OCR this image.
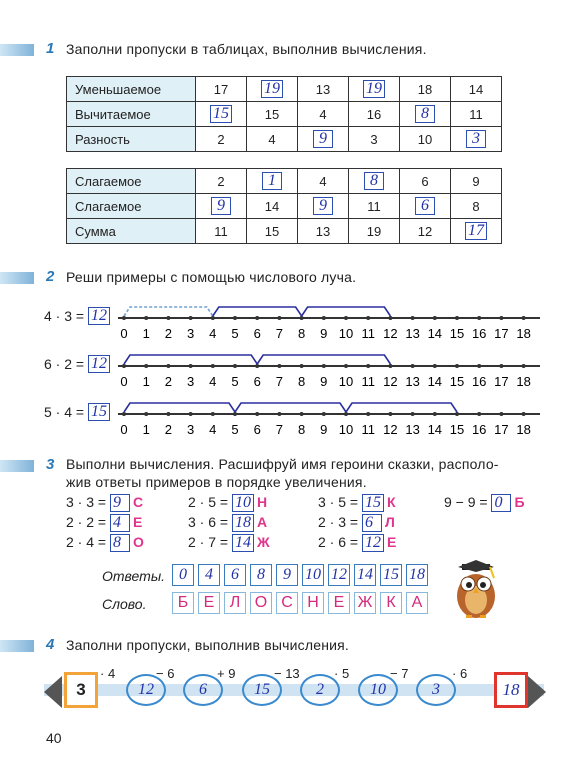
1 Заполни пропуски в таблицах, выполнив вычисления.
Уменьшаемое	17	19	13	19	18	14
Вычитаемое	15	15	4	16	8	11
Разность	2	4	9	3	10	3
Слагаемое	2	1	4	8	6	9
Слагаемое	9	14	9	11	6	8
Сумма	11	15	13	19	12	17
2 Реши примеры с помощью числового луча.
4 · 3 = 12
0 1 2 3 4 5 6 7 8 9 10 11 12 13 14 15 16 17 18
6 · 2 = 12
0 1 2 3 4 5 6 7 8 9 10 11 12 13 14 15 16 17 18
5 · 4 = 15
0 1 2 3 4 5 6 7 8 9 10 11 12 13 14 15 16 17 18
3 Выполни вычисления. Расшифруй имя героини сказки, располо-
жив ответы примеров в порядке увеличения.
3 · 3 = 9 С
2 · 2 = 4 Е
2 · 4 = 8 О
2 · 5 = 10 Н
3 · 6 = 18 А
2 · 7 = 14 Ж
3 · 5 = 15 К
2 · 3 = 6 Л
2 · 6 = 12 Е
9 − 9 = 0 Б
Ответы. 0	4	6	8	9 10 12 14 15 18
Слово.	Б Е Л О С Н Е Ж К	А
4 Заполни пропуски, выполнив вычисления.
3	12	6	15	2	10	3
· 4	− 6	+ 9	− 13	· 5	− 7	· 6
18
40
